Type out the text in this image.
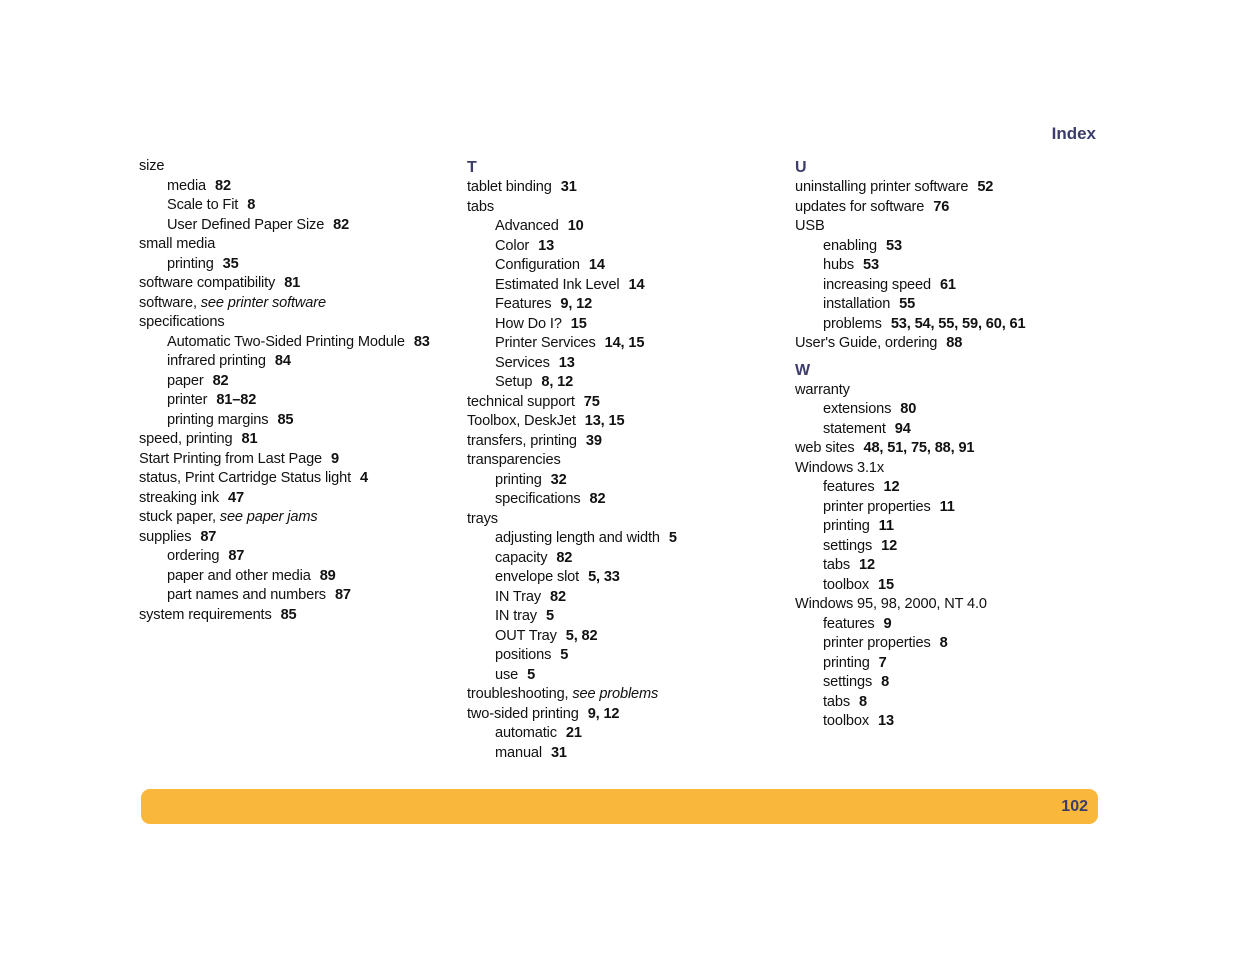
Index
size
media 82
Scale to Fit 8
User Defined Paper Size 82
small media
printing 35
software compatibility 81
software, see printer software
specifications
Automatic Two-Sided Printing Module 83
infrared printing 84
paper 82
printer 81–82
printing margins 85
speed, printing 81
Start Printing from Last Page 9
status, Print Cartridge Status light 4
streaking ink 47
stuck paper, see paper jams
supplies 87
ordering 87
paper and other media 89
part names and numbers 87
system requirements 85
T
tablet binding 31
tabs
Advanced 10
Color 13
Configuration 14
Estimated Ink Level 14
Features 9, 12
How Do I? 15
Printer Services 14, 15
Services 13
Setup 8, 12
technical support 75
Toolbox, DeskJet 13, 15
transfers, printing 39
transparencies
printing 32
specifications 82
trays
adjusting length and width 5
capacity 82
envelope slot 5, 33
IN Tray 82
IN tray 5
OUT Tray 5, 82
positions 5
use 5
troubleshooting, see problems
two-sided printing 9, 12
automatic 21
manual 31
U
uninstalling printer software 52
updates for software 76
USB
enabling 53
hubs 53
increasing speed 61
installation 55
problems 53, 54, 55, 59, 60, 61
User's Guide, ordering 88
W
warranty
extensions 80
statement 94
web sites 48, 51, 75, 88, 91
Windows 3.1x
features 12
printer properties 11
printing 11
settings 12
tabs 12
toolbox 15
Windows 95, 98, 2000, NT 4.0
features 9
printer properties 8
printing 7
settings 8
tabs 8
toolbox 13
102
